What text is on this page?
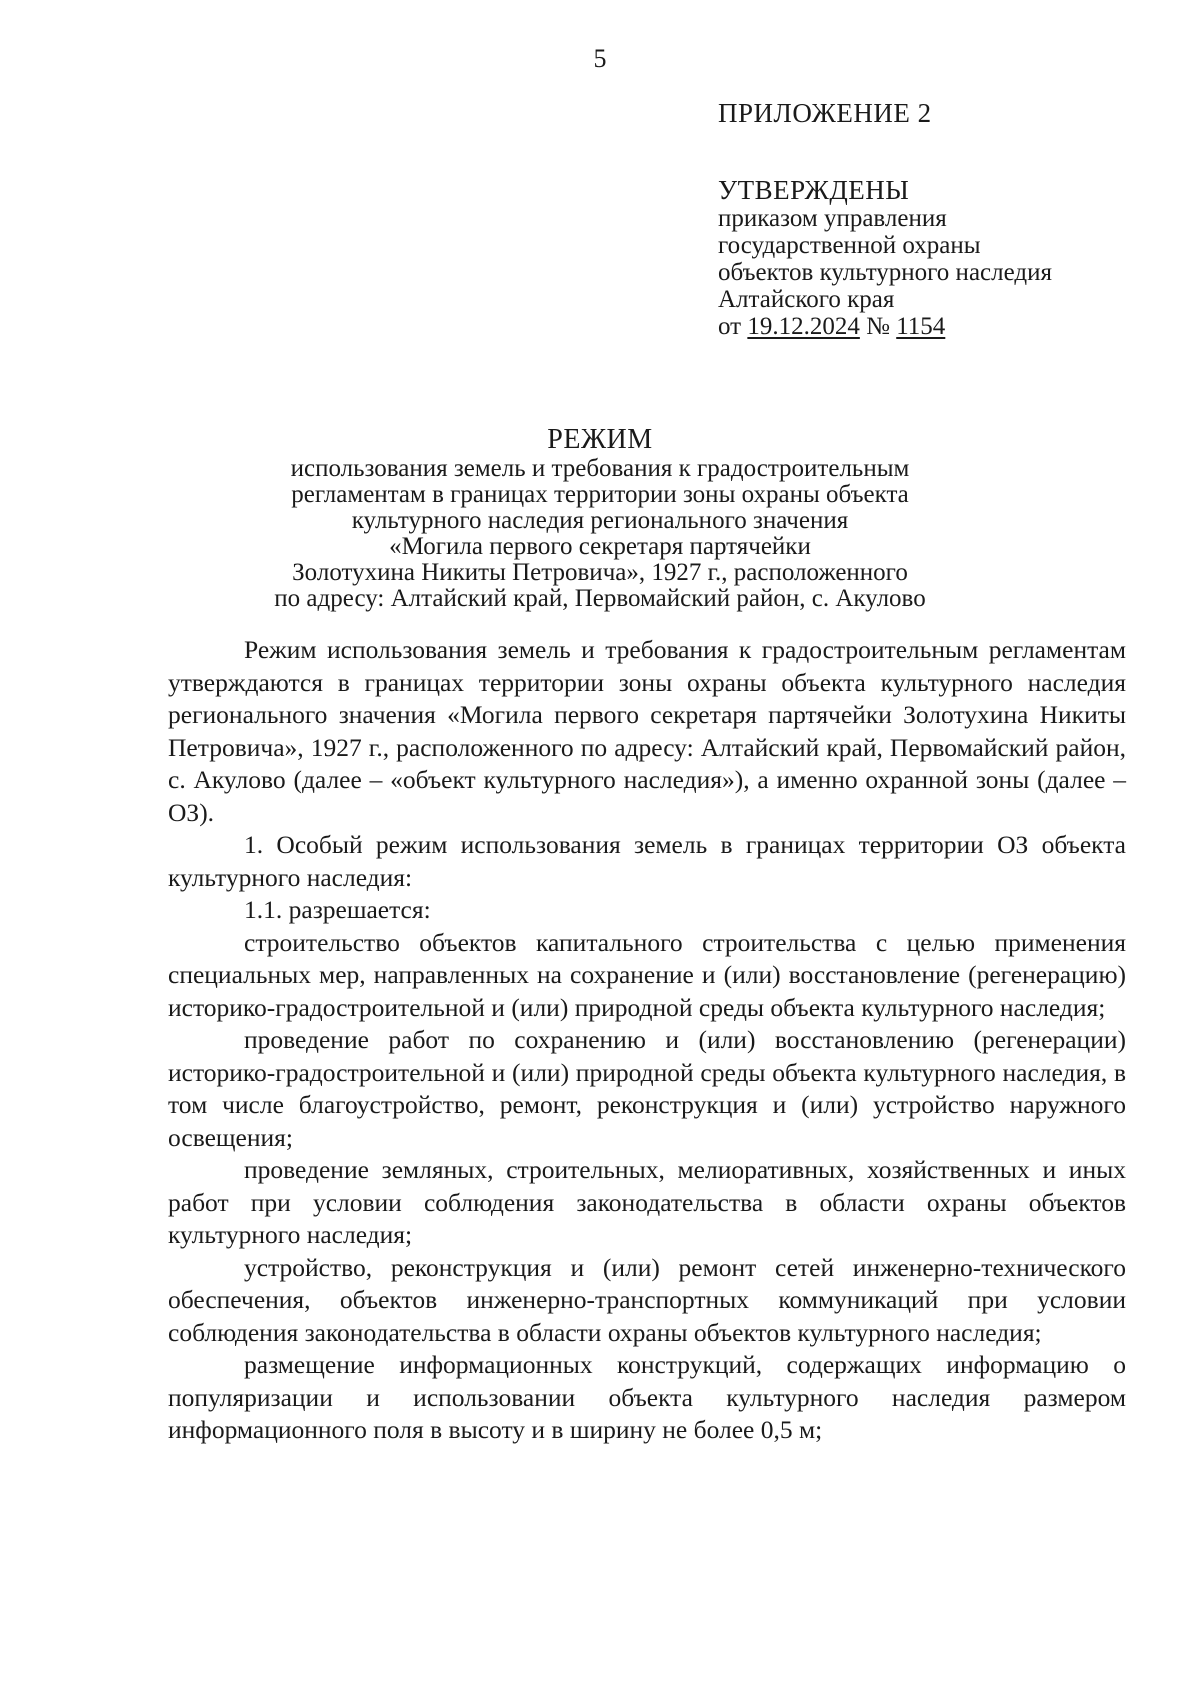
5
ПРИЛОЖЕНИЕ 2
УТВЕРЖДЕНЫ
приказом управления
государственной охраны
объектов культурного наследия
Алтайского края
от 19.12.2024 № 1154
РЕЖИМ
использования земель и требования к градостроительным
регламентам в границах территории зоны охраны объекта
культурного наследия регионального значения
«Могила первого секретаря партячейки
Золотухина Никиты Петровича», 1927 г., расположенного
по адресу: Алтайский край, Первомайский район, с. Акулово

Режим использования земель и требования к градостроительным регламентам утверждаются в границах территории зоны охраны объекта культурного наследия регионального значения «Могила первого секретаря партячейки Золотухина Никиты Петровича», 1927 г., расположенного по адресу: Алтайский край, Первомайский район, с. Акулово (далее – «объект культурного наследия»), а именно охранной зоны (далее – ОЗ).

1. Особый режим использования земель в границах территории ОЗ объекта культурного наследия:

1.1. разрешается:

строительство объектов капитального строительства с целью применения специальных мер, направленных на сохранение и (или) восстановление (регенерацию) историко-градостроительной и (или) природной среды объекта культурного наследия;

проведение работ по сохранению и (или) восстановлению (регенерации) историко-градостроительной и (или) природной среды объекта культурного наследия, в том числе благоустройство, ремонт, реконструкция и (или) устройство наружного освещения;

проведение земляных, строительных, мелиоративных, хозяйственных и иных работ при условии соблюдения законодательства в области охраны объектов культурного наследия;

устройство, реконструкция и (или) ремонт сетей инженерно-технического обеспечения, объектов инженерно-транспортных коммуникаций при условии соблюдения законодательства в области охраны объектов культурного наследия;

размещение информационных конструкций, содержащих информацию о популяризации и использовании объекта культурного наследия размером информационного поля в высоту и в ширину не более 0,5 м;
